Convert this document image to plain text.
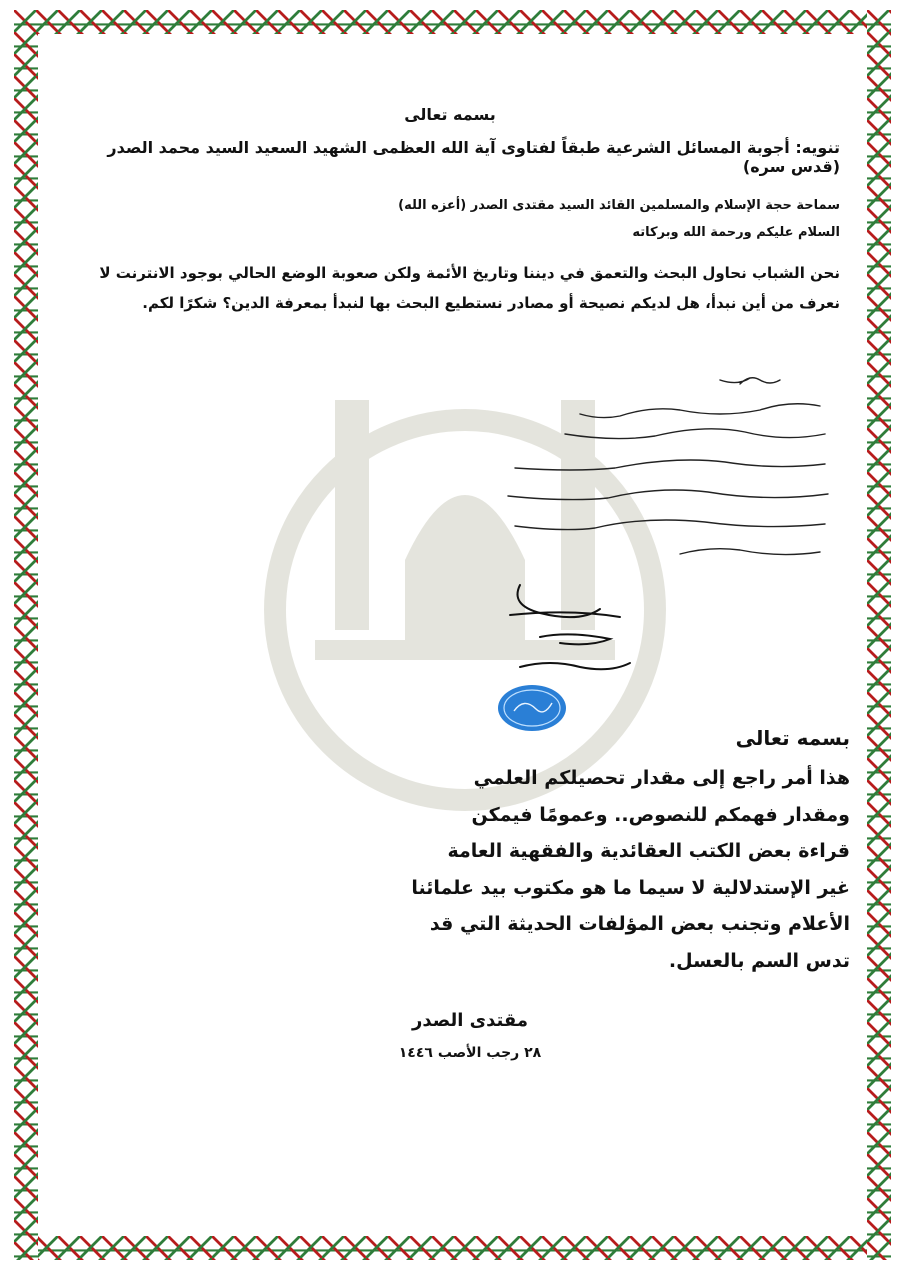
بسمه تعالى

تنويه: أجوبة المسائل الشرعية طبقاً لفتاوى آية الله العظمى الشهيد السعيد السيد محمد الصدر (قدس سره)

سماحة حجة الإسلام والمسلمين القائد السيد مقتدى الصدر (أعزه الله)

السلام عليكم ورحمة الله وبركاته

نحن الشباب نحاول البحث والتعمق في ديننا وتاريخ الأئمة ولكن صعوبة الوضع الحالي بوجود الانترنت لا
نعرف من أين نبدأ، هل لديكم نصيحة أو مصادر نستطيع البحث بها لنبدأ بمعرفة الدين؟ شكرًا لكم.

بسمه تعالى

هذا أمر راجع إلى مقدار تحصيلكم العلمي

ومقدار فهمكم للنصوص.. وعمومًا فيمكن

قراءة بعض الكتب العقائدية والفقهية العامة

غير الإستدلالية لا سيما ما هو مكتوب بيد علمائنا

الأعلام وتجنب بعض المؤلفات الحديثة التي قد

تدس السم بالعسل.

مقتدى الصدر
٢٨ رجب الأصب ١٤٤٦
